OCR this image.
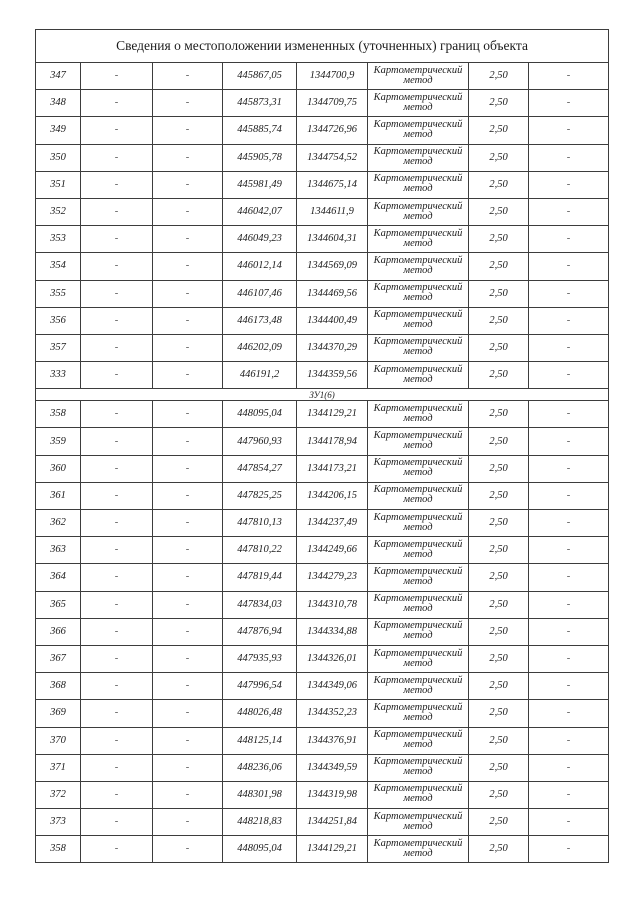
Сведения о местоположении измененных (уточненных) границ объекта							
347	-	-	445867,05	1344700,9	Картометрический метод	2,50	-
348	-	-	445873,31	1344709,75	Картометрический метод	2,50	-
349	-	-	445885,74	1344726,96	Картометрический метод	2,50	-
350	-	-	445905,78	1344754,52	Картометрический метод	2,50	-
351	-	-	445981,49	1344675,14	Картометрический метод	2,50	-
352	-	-	446042,07	1344611,9	Картометрический метод	2,50	-
353	-	-	446049,23	1344604,31	Картометрический метод	2,50	-
354	-	-	446012,14	1344569,09	Картометрический метод	2,50	-
355	-	-	446107,46	1344469,56	Картометрический метод	2,50	-
356	-	-	446173,48	1344400,49	Картометрический метод	2,50	-
357	-	-	446202,09	1344370,29	Картометрический метод	2,50	-
333	-	-	446191,2	1344359,56	Картометрический метод	2,50	-
ЗУ1(6)							
358	-	-	448095,04	1344129,21	Картометрический метод	2,50	-
359	-	-	447960,93	1344178,94	Картометрический метод	2,50	-
360	-	-	447854,27	1344173,21	Картометрический метод	2,50	-
361	-	-	447825,25	1344206,15	Картометрический метод	2,50	-
362	-	-	447810,13	1344237,49	Картометрический метод	2,50	-
363	-	-	447810,22	1344249,66	Картометрический метод	2,50	-
364	-	-	447819,44	1344279,23	Картометрический метод	2,50	-
365	-	-	447834,03	1344310,78	Картометрический метод	2,50	-
366	-	-	447876,94	1344334,88	Картометрический метод	2,50	-
367	-	-	447935,93	1344326,01	Картометрический метод	2,50	-
368	-	-	447996,54	1344349,06	Картометрический метод	2,50	-
369	-	-	448026,48	1344352,23	Картометрический метод	2,50	-
370	-	-	448125,14	1344376,91	Картометрический метод	2,50	-
371	-	-	448236,06	1344349,59	Картометрический метод	2,50	-
372	-	-	448301,98	1344319,98	Картометрический метод	2,50	-
373	-	-	448218,83	1344251,84	Картометрический метод	2,50	-
358	-	-	448095,04	1344129,21	Картометрический метод	2,50	-
